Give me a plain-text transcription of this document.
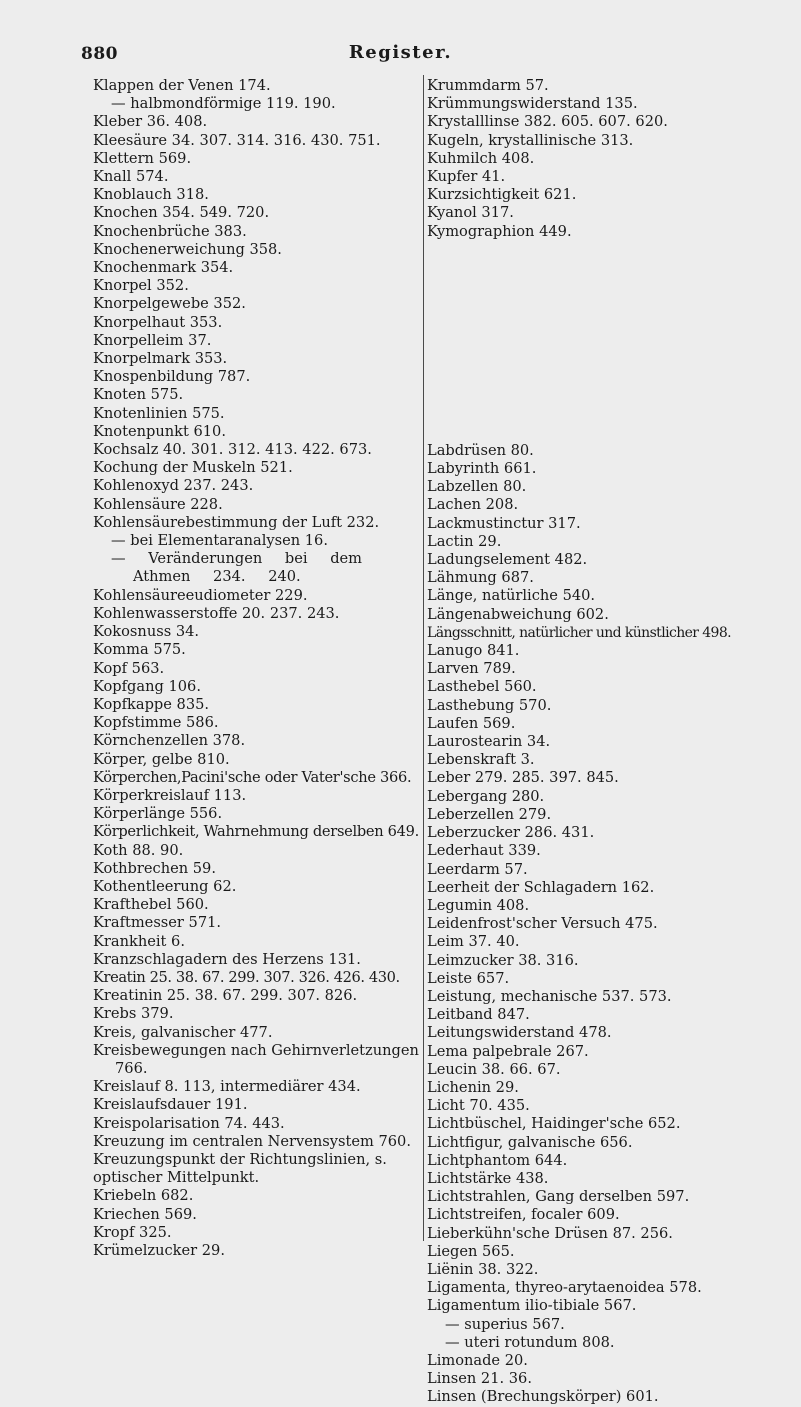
880	Register.
Klappen der Venen 174.
— halbmondförmige 119. 190.
Kleber 36. 408.
Kleesäure 34. 307. 314. 316. 430. 751.
Klettern 569.
Knall 574.
Knoblauch 318.
Knochen 354. 549. 720.
Knochenbrüche 383.
Knochenerweichung 358.
Knochenmark 354.
Knorpel 352.
Knorpelgewebe 352.
Knorpelhaut 353.
Knorpelleim 37.
Knorpelmark 353.
Knospenbildung 787.
Knoten 575.
Knotenlinien 575.
Knotenpunkt 610.
Kochsalz 40. 301. 312. 413. 422. 673.
Kochung der Muskeln 521.
Kohlenoxyd 237. 243.
Kohlensäure 228.
Kohlensäurebestimmung der Luft 232.
— bei Elementaranalysen 16.
— Veränderungen bei dem Athmen 234. 240.
Kohlensäureeudiometer 229.
Kohlenwasserstoffe 20. 237. 243.
Kokosnuss 34.
Komma 575.
Kopf 563.
Kopfgang 106.
Kopfkappe 835.
Kopfstimme 586.
Körnchenzellen 378.
Körper, gelbe 810.
Körperchen,Pacini'sche oder Vater'sche 366.
Körperkreislauf 113.
Körperlänge 556.
Körperlichkeit, Wahrnehmung derselben 649.
Koth 88. 90.
Kothbrechen 59.
Kothentleerung 62.
Krafthebel 560.
Kraftmesser 571.
Krankheit 6.
Kranzschlagadern des Herzens 131.
Kreatin 25. 38. 67. 299. 307. 326. 426. 430.
Kreatinin 25. 38. 67. 299. 307. 826.
Krebs 379.
Kreis, galvanischer 477.
Kreisbewegungen nach Gehirnverletzungen 766.
Kreislauf 8. 113, intermediärer 434.
Kreislaufsdauer 191.
Kreispolarisation 74. 443.
Kreuzung im centralen Nervensystem 760.
Kreuzungspunkt der Richtungslinien, s. optischer Mittelpunkt.
Kriebeln 682.
Kriechen 569.
Kropf 325.
Krümelzucker 29.
Krummdarm 57.
Krümmungswiderstand 135.
Krystalllinse 382. 605. 607. 620.
Kugeln, krystallinische 313.
Kuhmilch 408.
Kupfer 41.
Kurzsichtigkeit 621.
Kyanol 317.
Kymographion 449.
Labdrüsen 80.
Labyrinth 661.
Labzellen 80.
Lachen 208.
Lackmustinctur 317.
Lactin 29.
Ladungselement 482.
Lähmung 687.
Länge, natürliche 540.
Längenabweichung 602.
Längsschnitt, natürlicher und künstlicher 498.
Lanugo 841.
Larven 789.
Lasthebel 560.
Lasthebung 570.
Laufen 569.
Laurostearin 34.
Lebenskraft 3.
Leber 279. 285. 397. 845.
Lebergang 280.
Leberzellen 279.
Leberzucker 286. 431.
Lederhaut 339.
Leerdarm 57.
Leerheit der Schlagadern 162.
Legumin 408.
Leidenfrost'scher Versuch 475.
Leim 37. 40.
Leimzucker 38. 316.
Leiste 657.
Leistung, mechanische 537. 573.
Leitband 847.
Leitungswiderstand 478.
Lema palpebrale 267.
Leucin 38. 66. 67.
Lichenin 29.
Licht 70. 435.
Lichtbüschel, Haidinger'sche 652.
Lichtfigur, galvanische 656.
Lichtphantom 644.
Lichtstärke 438.
Lichtstrahlen, Gang derselben 597.
Lichtstreifen, focaler 609.
Lieberkühn'sche Drüsen 87. 256.
Liegen 565.
Liënin 38. 322.
Ligamenta, thyreo-arytaenoidea 578.
Ligamentum ilio-tibiale 567.
— superius 567.
— uteri rotundum 808.
Limonade 20.
Linsen 21. 36.
Linsen (Brechungskörper) 601.
